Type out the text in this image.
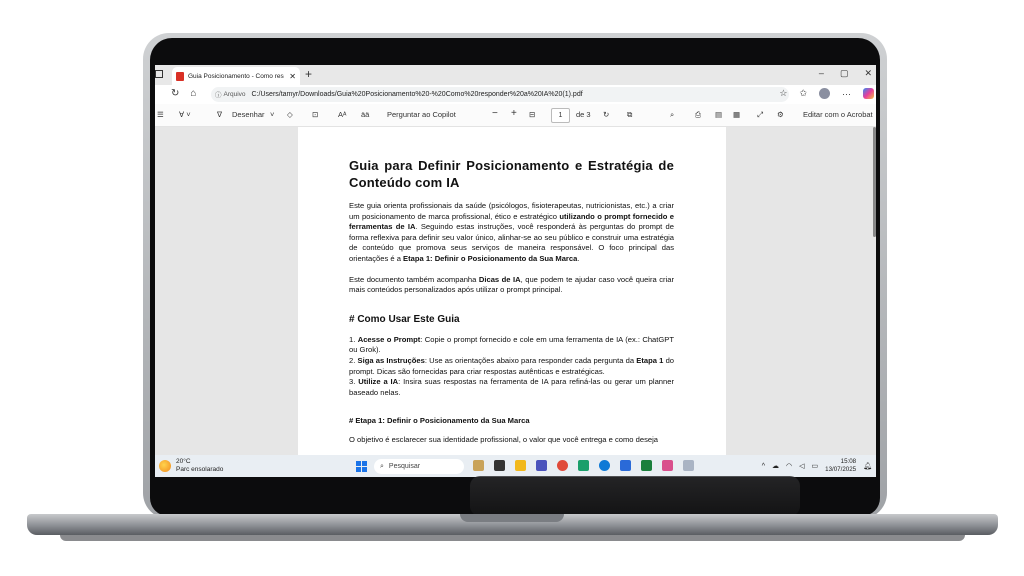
Guia Posicionamento - Como res ✕ +	– ▢ ✕
↻ ⌂	ⓘ Arquivo C:/Users/tamyr/Downloads/Guia%20Posicionamento%20-%20Como%20responder%20a%20IA%20(1).pdf	☆ ✩	···
☰ ∀ ˅	∇ Desenhar ˅ ◇	⊡	Aᴬ ää Perguntar ao Copilot	− + ⊟	1	de 3 ↻ ⧉	⌕	⎙ ▤ ▦ ⤢ ⚙	Editar com o Acrobat
Guia para Definir Posicionamento e Estratégia de Conteúdo com IA

Este guia orienta profissionais da saúde (psicólogos, fisioterapeutas, nutricionistas, etc.) a criar um posicionamento de marca profissional, ético e estratégico utilizando o prompt fornecido e ferramentas de IA. Seguindo estas instruções, você responderá às perguntas do prompt de forma reflexiva para definir seu valor único, alinhar-se ao seu público e construir uma estratégia de conteúdo que promova seus serviços de maneira responsável. O foco principal das orientações é a Etapa 1: Definir o Posicionamento da Sua Marca.

Este documento também acompanha Dicas de IA, que podem te ajudar caso você queira criar mais conteúdos personalizados após utilizar o prompt principal.

# Como Usar Este Guia

1. Acesse o Prompt: Copie o prompt fornecido e cole em uma ferramenta de IA (ex.: ChatGPT ou Grok).
2. Siga as Instruções: Use as orientações abaixo para responder cada pergunta da Etapa 1 do prompt. Dicas são fornecidas para criar respostas autênticas e estratégicas.
3. Utilize a IA: Insira suas respostas na ferramenta de IA para refiná-las ou gerar um planner baseado nelas.

# Etapa 1: Definir o Posicionamento da Sua Marca

O objetivo é esclarecer sua identidade profissional, o valor que você entrega e como deseja

20°C
Parc ensolarado	⌕ Pesquisar	^ ☁ ◠ ◁ ▭
15:08
13/07/2025 🔔︎
